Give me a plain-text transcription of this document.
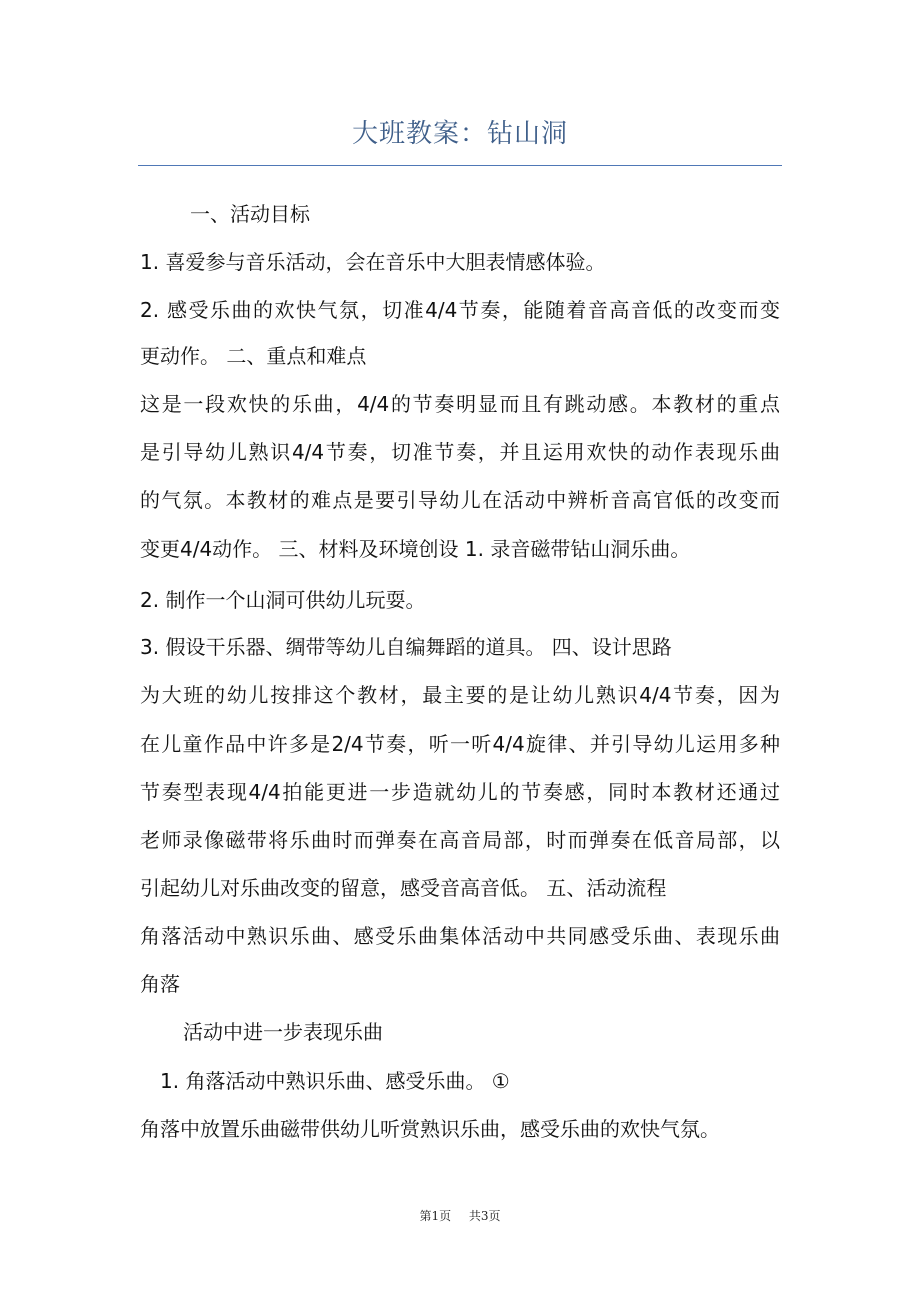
大班教案：钻山洞
一、活动目标
1. 喜爱参与音乐活动，会在音乐中大胆表情感体验。
2. 感受乐曲的欢快气氛，切准4/4节奏，能随着音高音低的改变而变
更动作。 二、重点和难点
这是一段欢快的乐曲，4/4的节奏明显而且有跳动感。本教材的重点
是引导幼儿熟识4/4节奏，切准节奏，并且运用欢快的动作表现乐曲
的气氛。本教材的难点是要引导幼儿在活动中辨析音高官低的改变而
变更4/4动作。 三、材料及环境创设 1. 录音磁带钻山洞乐曲。
2. 制作一个山洞可供幼儿玩耍。
3. 假设干乐器、绸带等幼儿自编舞蹈的道具。 四、设计思路
为大班的幼儿按排这个教材，最主要的是让幼儿熟识4/4节奏，因为
在儿童作品中许多是2/4节奏，听一听4/4旋律、并引导幼儿运用多种
节奏型表现4/4拍能更进一步造就幼儿的节奏感，同时本教材还通过
老师录像磁带将乐曲时而弹奏在高音局部，时而弹奏在低音局部，以
引起幼儿对乐曲改变的留意，感受音高音低。 五、活动流程
角落活动中熟识乐曲、感受乐曲集体活动中共同感受乐曲、表现乐曲
角落
活动中进一步表现乐曲
1. 角落活动中熟识乐曲、感受乐曲。 ①
角落中放置乐曲磁带供幼儿听赏熟识乐曲，感受乐曲的欢快气氛。
第1页 共3页
